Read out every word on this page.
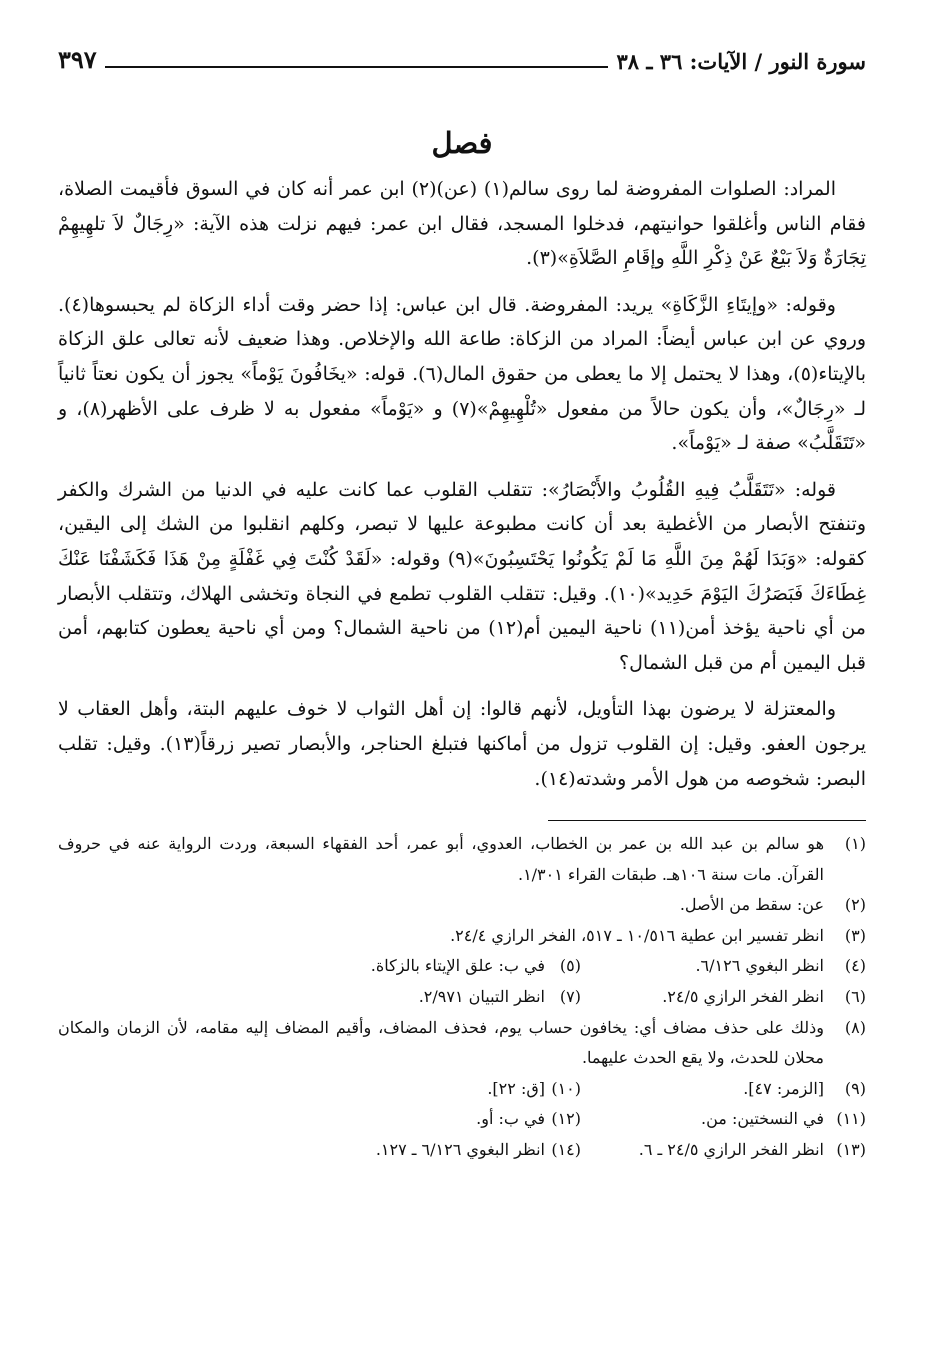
سورة النور / الآيات: ٣٦ ـ ٣٨
٣٩٧
فصل

المراد: الصلوات المفروضة لما روى سالم(١) (عن)(٢) ابن عمر أنه كان في السوق فأقيمت الصلاة، فقام الناس وأغلقوا حوانيتهم، فدخلوا المسجد، فقال ابن عمر: فيهم نزلت هذه الآية: «رِجَالٌ لاَ تلهِيهِمْ تِجَارَةٌ وَلاَ بَيْعٌ عَنْ ذِكْرِ اللَّهِ وإقَامِ الصَّلاَةِ»(٣).

وقوله: «وإيتَاءِ الزَّكَاةِ» يريد: المفروضة. قال ابن عباس: إذا حضر وقت أداء الزكاة لم يحبسوها(٤). وروي عن ابن عباس أيضاً: المراد من الزكاة: طاعة الله والإخلاص. وهذا ضعيف لأنه تعالى علق الزكاة بالإيتاء(٥)، وهذا لا يحتمل إلا ما يعطى من حقوق المال(٦). قوله: «يخَافُونَ يَوْماً» يجوز أن يكون نعتاً ثانياً لـ «رِجَالٌ»، وأن يكون حالاً من مفعول «تُلْهِيهِمْ»(٧) و «يَوْماً» مفعول به لا ظرف على الأظهر(٨)، و «تَتَقَلَّبُ» صفة لـ «يَوْماً».

قوله: «تَتَقَلَّبُ فِيهِ القُلُوبُ والأَبْصَارُ»: تتقلب القلوب عما كانت عليه في الدنيا من الشرك والكفر وتنفتح الأبصار من الأغطية بعد أن كانت مطبوعة عليها لا تبصر، وكلهم انقلبوا من الشك إلى اليقين، كقوله: «وَبَدَا لَهُمْ مِنَ اللَّهِ مَا لَمْ يَكُونُوا يَحْتَسِبُونَ»(٩) وقوله: «لَقَدْ كُنْتَ فِي غَفْلَةٍ مِنْ هَذَا فَكَشَفْنَا عَنْكَ غِطَاءَكَ فَبَصَرُكَ اليَوْمَ حَدِيد»(١٠). وقيل: تتقلب القلوب تطمع في النجاة وتخشى الهلاك، وتتقلب الأبصار من أي ناحية يؤخذ أمن(١١) ناحية اليمين أم(١٢) من ناحية الشمال؟ ومن أي ناحية يعطون كتابهم، أمن قبل اليمين أم من قبل الشمال؟

والمعتزلة لا يرضون بهذا التأويل، لأنهم قالوا: إن أهل الثواب لا خوف عليهم البتة، وأهل العقاب لا يرجون العفو. وقيل: إن القلوب تزول من أماكنها فتبلغ الحناجر، والأبصار تصير زرقاً(١٣). وقيل: تقلب البصر: شخوصه من هول الأمر وشدته(١٤).

(١)
هو سالم بن عبد الله بن عمر بن الخطاب، العدوي، أبو عمر، أحد الفقهاء السبعة، وردت الرواية عنه في حروف القرآن. مات سنة ١٠٦هـ. طبقات القراء ١/٣٠١.
(٢)
عن: سقط من الأصل.
(٣)
انظر تفسير ابن عطية ١٠/٥١٦ ـ ٥١٧، الفخر الرازي ٢٤/٤.
(٤)
انظر البغوي ٦/١٢٦.
(٥)
في ب: علق الإيتاء بالزكاة.
(٦)
انظر الفخر الرازي ٢٤/٥.
(٧)
انظر التبيان ٢/٩٧١.
(٨)
وذلك على حذف مضاف أي: يخافون حساب يوم، فحذف المضاف، وأقيم المضاف إليه مقامه، لأن الزمان والمكان محلان للحدث، ولا يقع الحدث عليهما.
(٩)
[الزمر: ٤٧].
(١٠)
[ق: ٢٢].
(١١)
في النسختين: من.
(١٢)
في ب: أو.
(١٣)
انظر الفخر الرازي ٢٤/٥ ـ ٦.
(١٤)
انظر البغوي ٦/١٢٦ ـ ١٢٧.
